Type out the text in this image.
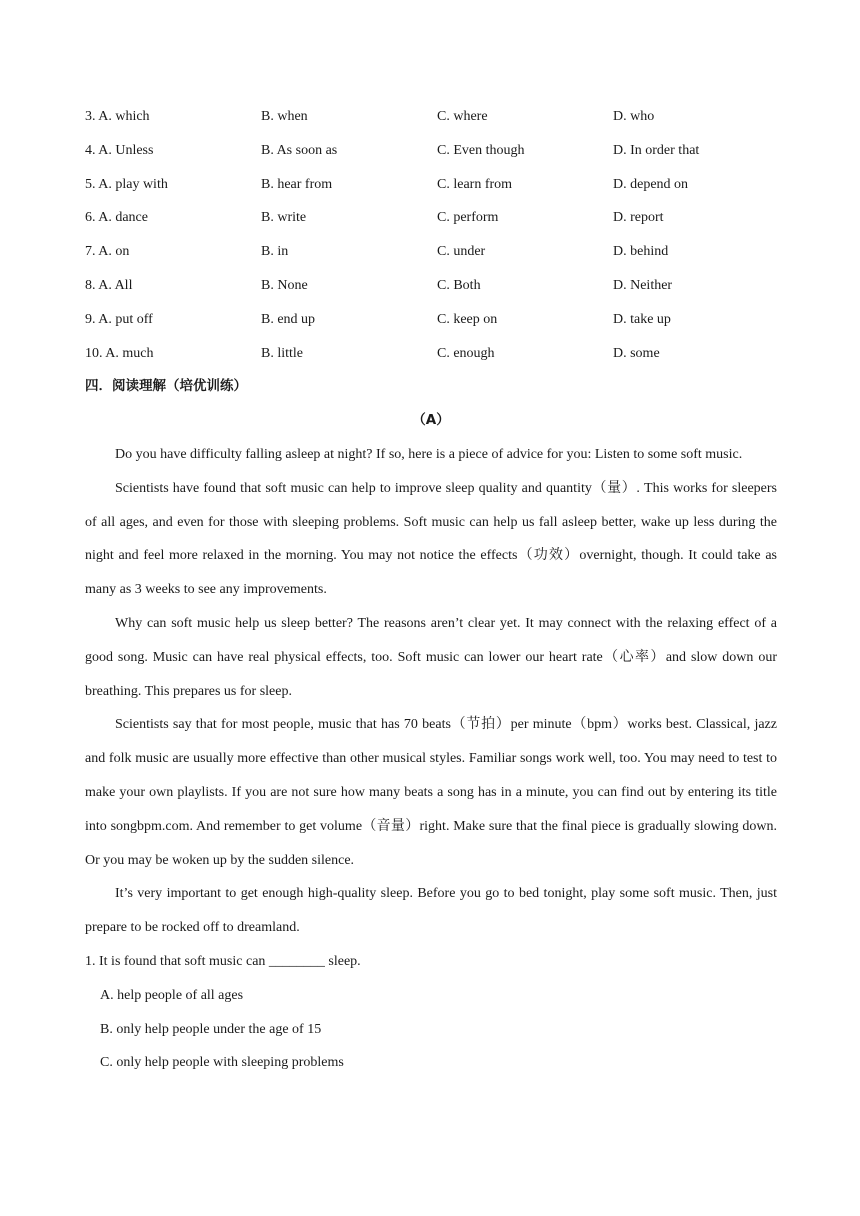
3. A. which	B. when	C. where	D. who
4. A. Unless	B. As soon as	C. Even though	D. In order that
5. A. play with	B. hear from	C. learn from	D. depend on
6. A. dance	B. write	C. perform	D. report
7. A. on	B. in	C. under	D. behind
8. A. All	B. None	C. Both	D. Neither
9. A. put off	B. end up	C. keep on	D. take up
10. A. much	B. little	C. enough	D. some
四．阅读理解（培优训练）
（A）

Do you have difficulty falling asleep at night? If so, here is a piece of advice for you: Listen to some soft music.

Scientists have found that soft music can help to improve sleep quality and quantity（量）. This works for sleepers of all ages, and even for those with sleeping problems. Soft music can help us fall asleep better, wake up less during the night and feel more relaxed in the morning. You may not notice the effects（功效）overnight, though. It could take as many as 3 weeks to see any improvements.

Why can soft music help us sleep better? The reasons aren’t clear yet. It may connect with the relaxing effect of a good song. Music can have real physical effects, too. Soft music can lower our heart rate（心率）and slow down our breathing. This prepares us for sleep.

Scientists say that for most people, music that has 70 beats（节拍）per minute（bpm）works best. Classical, jazz and folk music are usually more effective than other musical styles. Familiar songs work well, too. You may need to test to make your own playlists. If you are not sure how many beats a song has in a minute, you can find out by entering its title into songbpm.com. And remember to get volume（音量）right. Make sure that the final piece is gradually slowing down. Or you may be woken up by the sudden silence.

It’s very important to get enough high-quality sleep. Before you go to bed tonight, play some soft music. Then, just prepare to be rocked off to dreamland.

1. It is found that soft music can ________ sleep.

A. help people of all ages

B. only help people under the age of 15

C. only help people with sleeping problems
